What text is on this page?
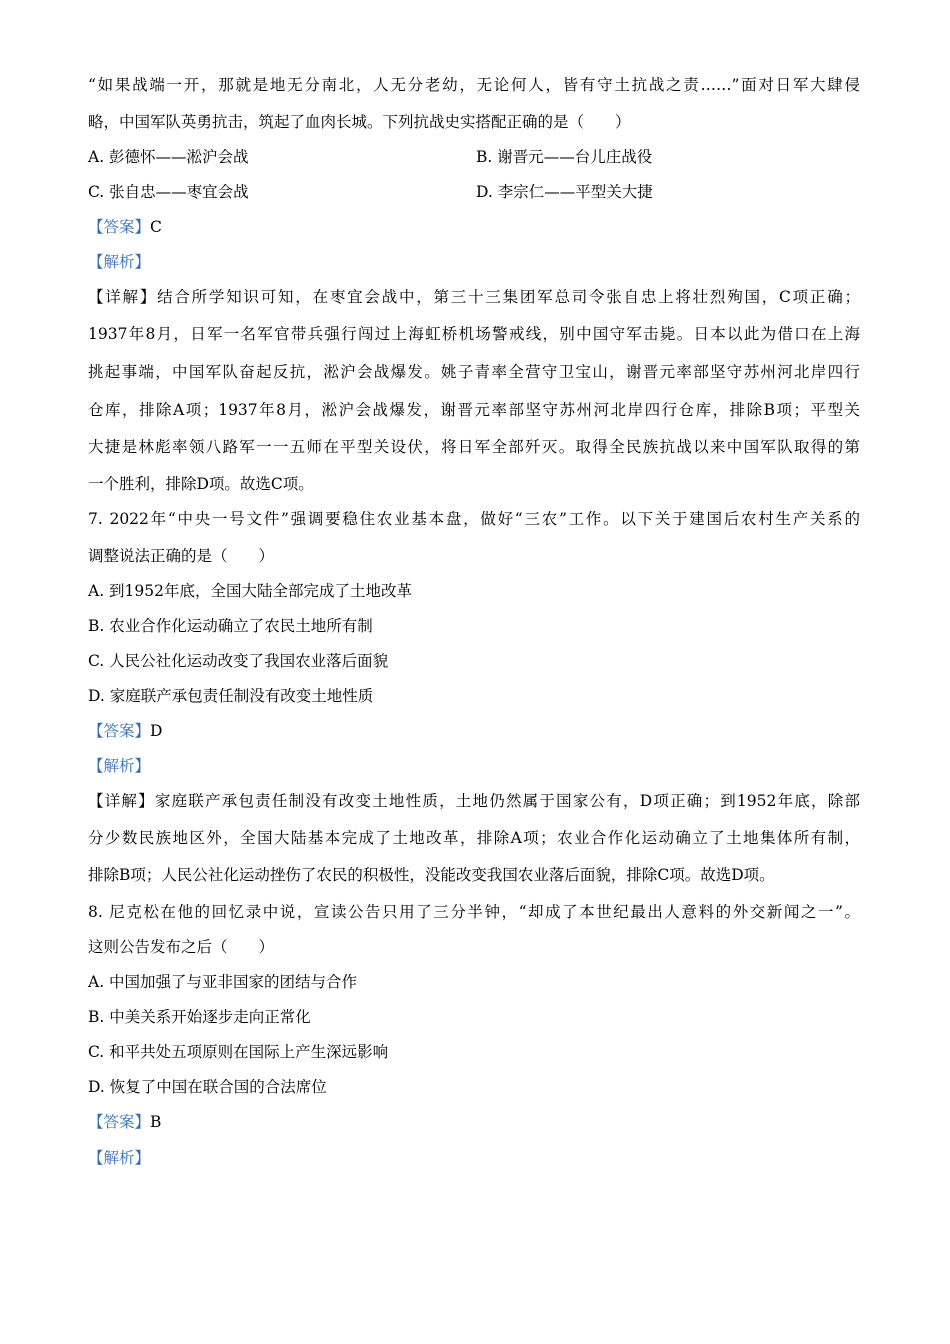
“如果战端一开，那就是地无分南北，人无分老幼，无论何人，皆有守土抗战之责……”面对日军大肆侵
略，中国军队英勇抗击，筑起了血肉长城。下列抗战史实搭配正确的是（　　）
A. 彭德怀——淞沪会战	B. 谢晋元——台儿庄战役
C. 张自忠——枣宜会战	D. 李宗仁——平型关大捷
【答案】C
【解析】
【详解】结合所学知识可知，在枣宜会战中，第三十三集团军总司令张自忠上将壮烈殉国，C项正确；
1937年8月，日军一名军官带兵强行闯过上海虹桥机场警戒线，别中国守军击毙。日本以此为借口在上海
挑起事端，中国军队奋起反抗，淞沪会战爆发。姚子青率全营守卫宝山，谢晋元率部坚守苏州河北岸四行
仓库，排除A项；1937年8月，淞沪会战爆发，谢晋元率部坚守苏州河北岸四行仓库，排除B项；平型关
大捷是林彪率领八路军一一五师在平型关设伏，将日军全部歼灭。取得全民族抗战以来中国军队取得的第
一个胜利，排除D项。故选C项。
7. 2022年“中央一号文件”强调要稳住农业基本盘，做好“三农”工作。以下关于建国后农村生产关系的
调整说法正确的是（　　）
A. 到1952年底，全国大陆全部完成了土地改革
B. 农业合作化运动确立了农民土地所有制
C. 人民公社化运动改变了我国农业落后面貌
D. 家庭联产承包责任制没有改变土地性质
【答案】D
【解析】
【详解】家庭联产承包责任制没有改变土地性质，土地仍然属于国家公有，D项正确；到1952年底，除部
分少数民族地区外，全国大陆基本完成了土地改革，排除A项；农业合作化运动确立了土地集体所有制，
排除B项；人民公社化运动挫伤了农民的积极性，没能改变我国农业落后面貌，排除C项。故选D项。
8. 尼克松在他的回忆录中说，宣读公告只用了三分半钟，“却成了本世纪最出人意料的外交新闻之一”。
这则公告发布之后（　　）
A. 中国加强了与亚非国家的团结与合作
B. 中美关系开始逐步走向正常化
C. 和平共处五项原则在国际上产生深远影响
D. 恢复了中国在联合国的合法席位
【答案】B
【解析】
